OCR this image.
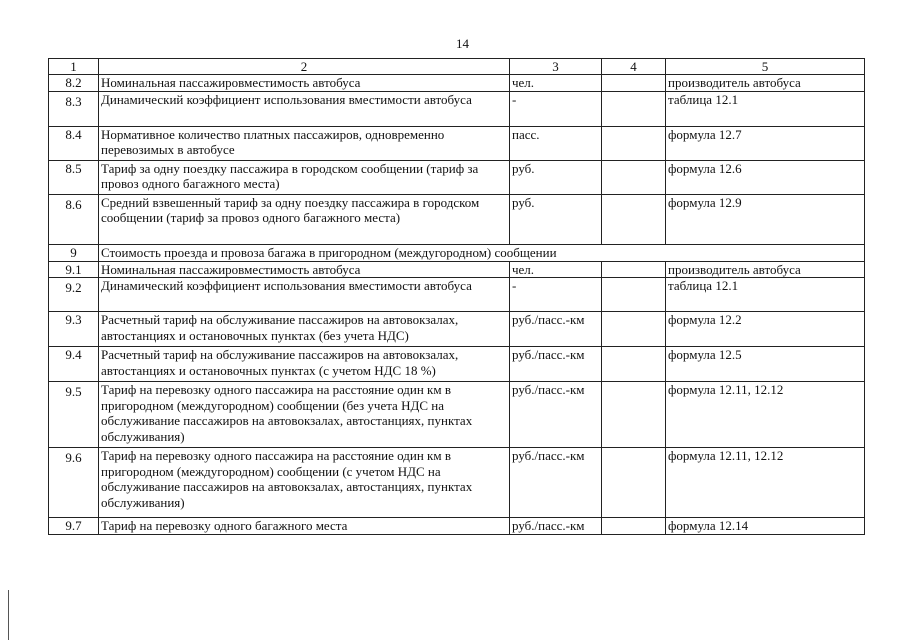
14
1	2	3	4	5
8.2	Номинальная пассажировместимость автобуса	чел.		производитель автобуса
8.3	Динамический коэффициент использования вместимости автобуса	-		таблица 12.1
8.4	Нормативное количество платных пассажиров, одновременно перевозимых в автобусе	пасс.		формула 12.7
8.5	Тариф за одну поездку пассажира в городском сообщении (тариф за провоз одного багажного места)	руб.		формула 12.6
8.6	Средний взвешенный тариф за одну поездку пассажира в городском сообщении (тариф за провоз одного багажного места)	руб.		формула 12.9
9	Стоимость проезда и провоза багажа в пригородном (междугородном) сообщении			
9.1	Номинальная пассажировместимость автобуса	чел.		производитель автобуса
9.2	Динамический коэффициент использования вместимости автобуса	-		таблица 12.1
9.3	Расчетный тариф на обслуживание пассажиров на автовокзалах, автостанциях и остановочных пунктах (без учета НДС)	руб./пасс.-км		формула 12.2
9.4	Расчетный тариф на обслуживание пассажиров на автовокзалах, автостанциях и остановочных пунктах (с учетом НДС 18 %)	руб./пасс.-км		формула 12.5
9.5	Тариф на перевозку одного пассажира на расстояние один км в пригородном (междугородном) сообщении (без учета НДС на обслуживание пассажиров на автовокзалах, автостанциях, пунктах обслуживания)	руб./пасс.-км		формула 12.11, 12.12
9.6	Тариф на перевозку одного пассажира на расстояние один км в пригородном (междугородном) сообщении (с учетом НДС на обслуживание пассажиров на автовокзалах, автостанциях, пунктах обслуживания)	руб./пасс.-км		формула 12.11, 12.12
9.7	Тариф на перевозку одного багажного места	руб./пасс.-км		формула 12.14
